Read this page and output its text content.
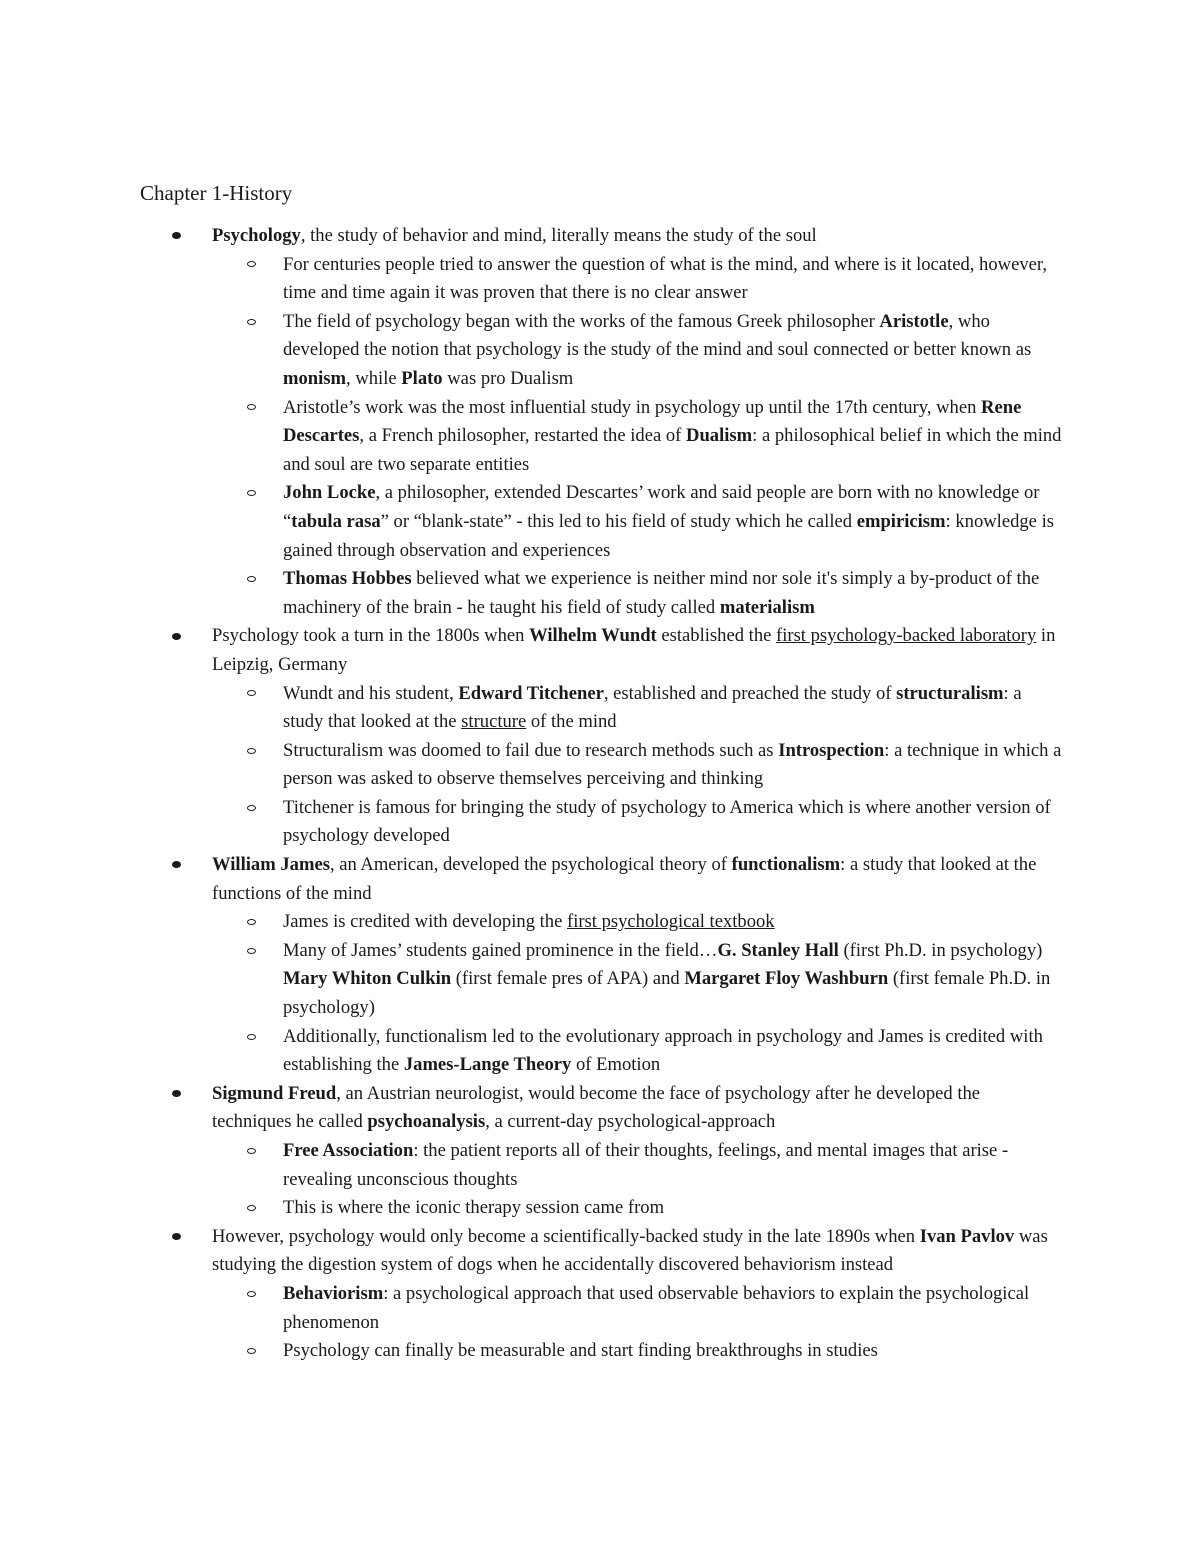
Chapter 1-History
Psychology, the study of behavior and mind, literally means the study of the soul
For centuries people tried to answer the question of what is the mind, and where is it located, however, time and time again it was proven that there is no clear answer
The field of psychology began with the works of the famous Greek philosopher Aristotle, who developed the notion that psychology is the study of the mind and soul connected or better known as monism, while Plato was pro Dualism
Aristotle’s work was the most influential study in psychology up until the 17th century, when Rene Descartes, a French philosopher, restarted the idea of Dualism: a philosophical belief in which the mind and soul are two separate entities
John Locke, a philosopher, extended Descartes’ work and said people are born with no knowledge or “tabula rasa” or “blank-state” - this led to his field of study which he called empiricism: knowledge is gained through observation and experiences
Thomas Hobbes believed what we experience is neither mind nor sole it's simply a by-product of the machinery of the brain - he taught his field of study called materialism
Psychology took a turn in the 1800s when Wilhelm Wundt established the first psychology-backed laboratory in Leipzig, Germany
Wundt and his student, Edward Titchener, established and preached the study of structuralism: a study that looked at the structure of the mind
Structuralism was doomed to fail due to research methods such as Introspection: a technique in which a person was asked to observe themselves perceiving and thinking
Titchener is famous for bringing the study of psychology to America which is where another version of psychology developed
William James, an American, developed the psychological theory of functionalism: a study that looked at the functions of the mind
James is credited with developing the first psychological textbook
Many of James’ students gained prominence in the field…G. Stanley Hall (first Ph.D. in psychology) Mary Whiton Culkin (first female pres of APA) and Margaret Floy Washburn (first female Ph.D. in psychology)
Additionally, functionalism led to the evolutionary approach in psychology and James is credited with establishing the James-Lange Theory of Emotion
Sigmund Freud, an Austrian neurologist, would become the face of psychology after he developed the techniques he called psychoanalysis, a current-day psychological-approach
Free Association: the patient reports all of their thoughts, feelings, and mental images that arise - revealing unconscious thoughts
This is where the iconic therapy session came from
However, psychology would only become a scientifically-backed study in the late 1890s when Ivan Pavlov was studying the digestion system of dogs when he accidentally discovered behaviorism instead
Behaviorism: a psychological approach that used observable behaviors to explain the psychological phenomenon
Psychology can finally be measurable and start finding breakthroughs in studies
